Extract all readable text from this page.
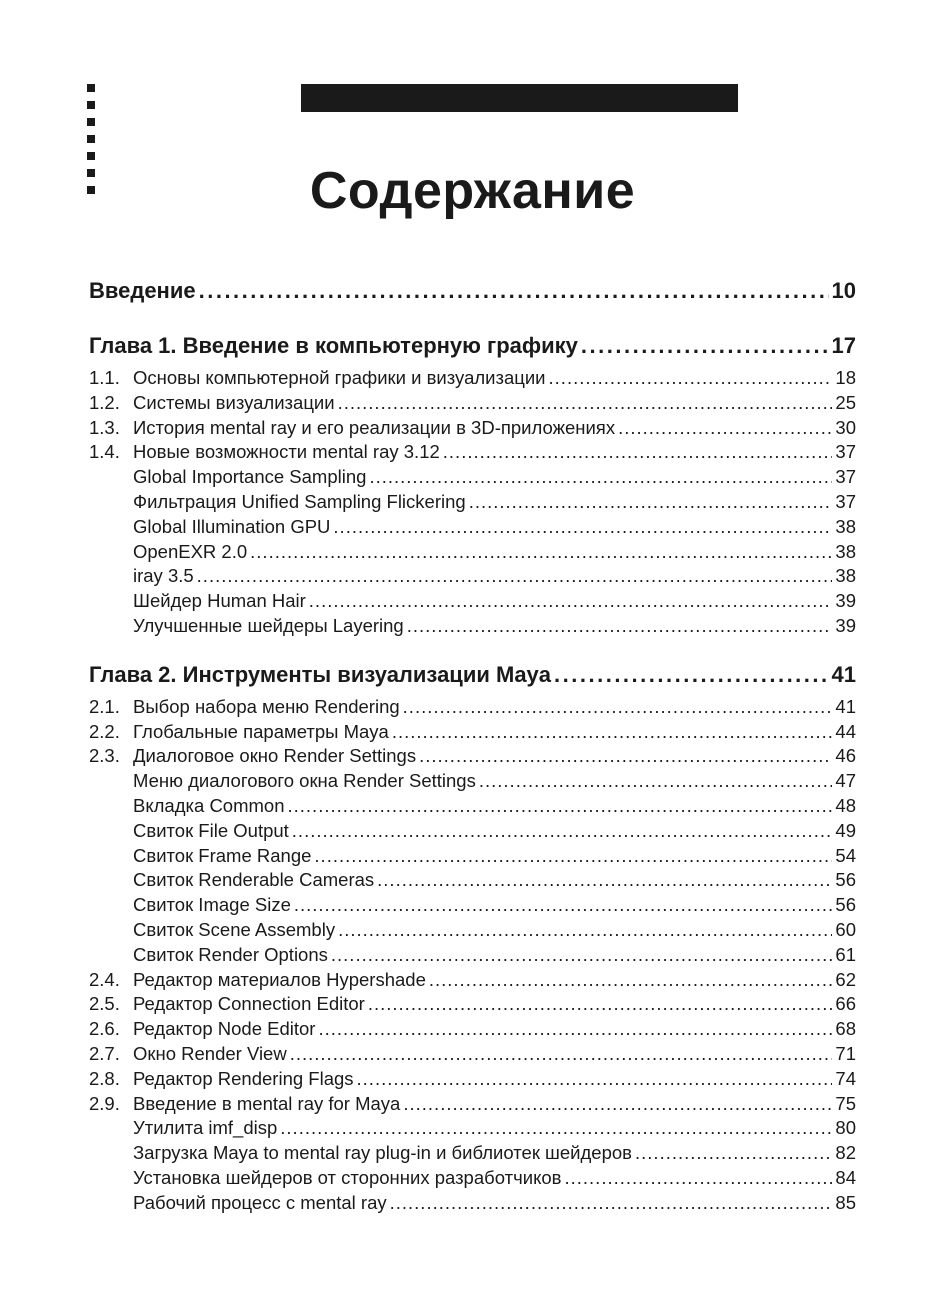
Содержание
Введение .....	10
Глава 1. Введение в компьютерную графику .....	17
1.1. Основы компьютерной графики и визуализации .....	18
1.2. Системы визуализации .....	25
1.3. История mental ray и его реализации в 3D-приложениях .....	30
1.4. Новые возможности mental ray 3.12 .....	37
Global Importance Sampling .....	37
Фильтрация Unified Sampling Flickering .....	37
Global Illumination GPU .....	38
OpenEXR 2.0 .....	38
iray 3.5 .....	38
Шейдер Human Hair .....	39
Улучшенные шейдеры Layering .....	39
Глава 2. Инструменты визуализации Maya .....	41
2.1. Выбор набора меню Rendering .....	41
2.2. Глобальные параметры Maya .....	44
2.3. Диалоговое окно Render Settings .....	46
Меню диалогового окна Render Settings .....	47
Вкладка Common .....	48
Свиток File Output .....	49
Свиток Frame Range .....	54
Свиток Renderable Cameras .....	56
Свиток Image Size .....	56
Свиток Scene Assembly .....	60
Свиток Render Options .....	61
2.4. Редактор материалов Hypershade .....	62
2.5. Редактор Connection Editor .....	66
2.6. Редактор Node Editor .....	68
2.7. Окно Render View .....	71
2.8. Редактор Rendering Flags .....	74
2.9. Введение в mental ray for Maya .....	75
Утилита imf_disp .....	80
Загрузка Maya to mental ray plug-in и библиотек шейдеров .....	82
Установка шейдеров от сторонних разработчиков .....	84
Рабочий процесс с mental ray .....	85
